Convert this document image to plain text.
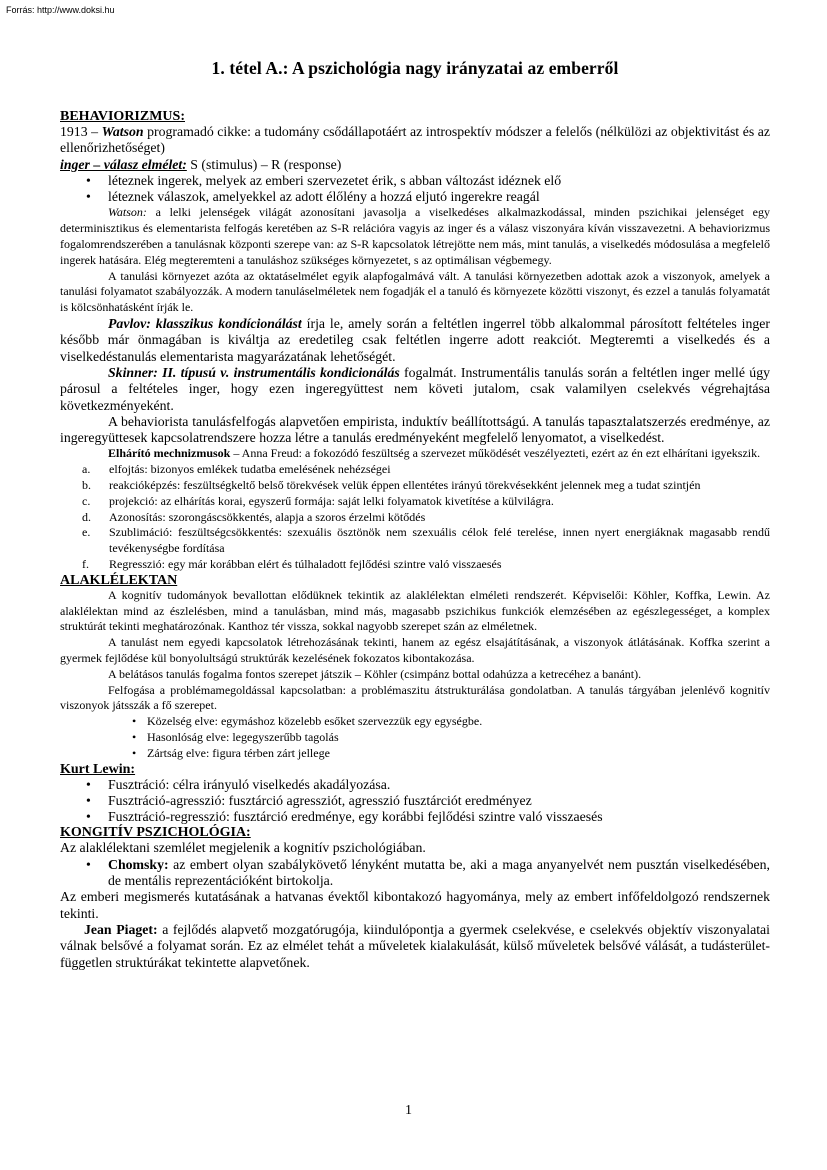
Forrás: http://www.doksi.hu
1. tétel A.: A pszichológia nagy irányzatai az emberről
BEHAVIORIZMUS:

1913 – Watson programadó cikke: a tudomány csődállapotáért az introspektív módszer a felelős (nélkülözi az objektivitást és az ellenőrizhetőséget)

inger – válasz elmélet: S (stimulus) – R (response)

• léteznek ingerek, melyek az emberi szervezetet érik, s abban változást idéznek elő
• léteznek válaszok, amelyekkel az adott élőlény a hozzá eljutó ingerekre reagál

Watson: a lelki jelenségek világát azonosítani javasolja a viselkedéses alkalmazkodással, minden pszichikai jelenséget egy determinisztikus és elementarista felfogás keretében az S-R relációra vagyis az inger és a válasz viszonyára kíván visszavezetni. A behaviorizmus fogalomrendszerében a tanulásnak központi szerepe van: az S-R kapcsolatok létrejötte nem más, mint tanulás, a viselkedés módosulása a megfelelő ingerek hatására. Elég megteremteni a tanuláshoz szükséges környezetet, s az optimálisan végbemegy.

A tanulási környezet azóta az oktatáselmélet egyik alapfogalmává vált. A tanulási környezetben adottak azok a viszonyok, amelyek a tanulási folyamatot szabályozzák. A modern tanuláselméletek nem fogadják el a tanuló és környezete közötti viszonyt, és ezzel a tanulás folyamatát is kölcsönhatásként írják le.

Pavlov: klasszikus kondícionálást írja le, amely során a feltétlen ingerrel több alkalommal párosított feltételes inger később már önmagában is kiváltja az eredetileg csak feltétlen ingerre adott reakciót. Megteremti a viselkedés és a viselkedéstanulás elementarista magyarázatának lehetőségét.

Skinner: II. típusú v. instrumentális kondicionálás fogalmát. Instrumentális tanulás során a feltétlen inger mellé úgy párosul a feltételes inger, hogy ezen ingeregyüttest nem követi jutalom, csak valamilyen cselekvés végrehajtása következményeként.

A behaviorista tanulásfelfogás alapvetően empirista, induktív beállítottságú. A tanulás tapasztalatszerzés eredménye, az ingeregyüttesek kapcsolatrendszere hozza létre a tanulás eredményeként megfelelő lenyomatot, a viselkedést.

Elhárító mechnizmusok – Anna Freud: a fokozódó feszültség a szervezet működését veszélyezteti, ezért az én ezt elhárítani igyekszik.

a. elfojtás: bizonyos emlékek tudatba emelésének nehézségei
b. reakcióképzés: feszültségkeltő belső törekvések velük éppen ellentétes irányú törekvésekként jelennek meg a tudat szintjén
c. projekció: az elhárítás korai, egyszerű formája: saját lelki folyamatok kivetítése a külvilágra.
d. Azonosítás: szorongáscsökkentés, alapja a szoros érzelmi kötődés
e. Szublimáció: feszültségcsökkentés: szexuális ösztönök nem szexuális célok felé terelése, innen nyert energiáknak magasabb rendű tevékenységbe fordítása
f. Regresszió: egy már korábban elért és túlhaladott fejlődési szintre való visszaesés
ALAKLÉLEKTAN

A kognitív tudományok bevallottan elődüknek tekintik az alaklélektan elméleti rendszerét. Képviselői: Köhler, Koffka, Lewin. Az alaklélektan mind az észlelésben, mind a tanulásban, mind más, magasabb pszichikus funkciók elemzésében az egészlegességet, a komplex struktúrát tekinti meghatározónak. Kanthoz tér vissza, sokkal nagyobb szerepet szán az elméletnek.

A tanulást nem egyedi kapcsolatok létrehozásának tekinti, hanem az egész elsajátításának, a viszonyok átlátásának. Koffka szerint a gyermek fejlődése kül bonyolultságú struktúrák kezelésének fokozatos kibontakozása.

A belátásos tanulás fogalma fontos szerepet játszik – Köhler (csimpánz bottal odahúzza a ketrecéhez a banánt).

Felfogása a problémamegoldással kapcsolatban: a problémaszitu átstrukturálása gondolatban. A tanulás tárgyában jelenlévő kognitív viszonyok játsszák a fő szerepet.

• Közelség elve: egymáshoz közelebb esőket szervezzük egy egységbe.
• Hasonlóság elve: legegyszerűbb tagolás
• Zártság elve: figura térben zárt jellege
Kurt Lewin:
• Fusztráció: célra irányuló viselkedés akadályozása.
• Fusztráció-agresszió: fusztárció agressziót, agresszió fusztárciót eredményez
• Fusztráció-regresszió: fusztárció eredménye, egy korábbi fejlődési szintre való visszaesés
KONGITÍV PSZICHOLÓGIA:

Az alaklélektani szemlélet megjelenik a kognitív pszichológiában.

• Chomsky: az embert olyan szabálykövető lényként mutatta be, aki a maga anyanyelvét nem pusztán viselkedésében, de mentális reprezentációként birtokolja.

Az emberi megismerés kutatásának a hatvanas évektől kibontakozó hagyománya, mely az embert infőfeldolgozó rendszernek tekinti.

Jean Piaget: a fejlődés alapvető mozgatórugója, kiindulópontja a gyermek cselekvése, e cselekvés objektív viszonyalatai válnak belsővé a folyamat során. Ez az elmélet tehát a műveletek kialakulását, külső műveletek belsővé válását, a tudásterület-független struktúrákat tekintette alapvetőnek.

1
